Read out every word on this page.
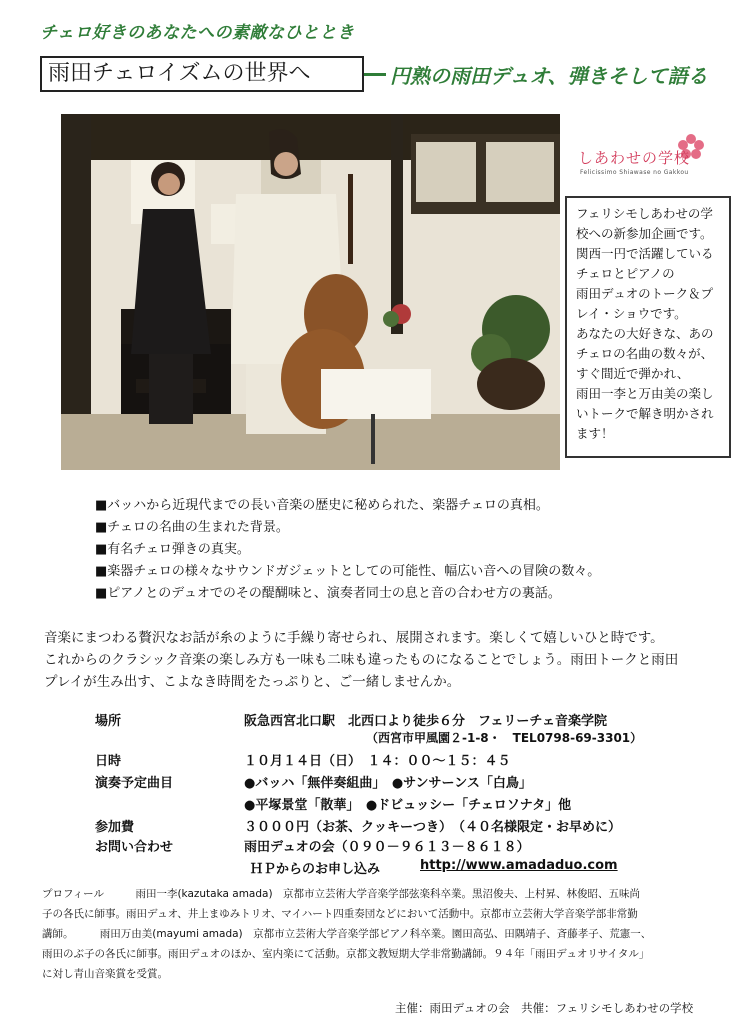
チェロ好きのあなたへの素敵なひととき
雨田チェロイズムの世界へ	円熟の雨田デュオ、弾きそして語る
しあわせの学校
Felicissimo Shiawase no Gakkou
フェリシモしあわせの学
校への新参加企画です。
関西一円で活躍している
チェロとピアノの
雨田デュオのトーク＆プ
レイ・ショウです。
あなたの大好きな、あの
チェロの名曲の数々が、
すぐ間近で弾かれ、
雨田一李と万由美の楽し
いトークで解き明かされ
ます！
■バッハから近現代までの長い音楽の歴史に秘められた、楽器チェロの真相。
■チェロの名曲の生まれた背景。
■有名チェロ弾きの真実。
■楽器チェロの様々なサウンドガジェットとしての可能性、幅広い音への冒険の数々。
■ピアノとのデュオでのその醍醐味と、演奏者同士の息と音の合わせ方の裏話。
音楽にまつわる贅沢なお話が糸のように手繰り寄せられ、展開されます。楽しくて嬉しいひと時です。
これからのクラシック音楽の楽しみ方も一味も二味も違ったものになることでしょう。雨田トークと雨田
プレイが生み出す、こよなき時間をたっぷりと、ご一緒しませんか。
場所	阪急西宮北口駅　北西口より徒歩６分　フェリーチェ音楽学院
（西宮市甲風園２-1-8・　TEL0798-69-3301）
日時	１０月１４日（日）　１４：００～１５：４５
演奏予定曲目	●バッハ「無伴奏組曲」　●サンサーンス「白鳥」
●平塚景堂「散華」　●ドビュッシー「チェロソナタ」他
参加費	３０００円（お茶、クッキーつき）　（４０名様限定・お早めに）
お問い合わせ	雨田デュオの会（０９０－９６１３－８６１８）
ＨＰからのお申し込み	http://www.amadaduo.com
プロフィール　　　雨田一李(kazutaka amada)　京都市立芸術大学音楽学部弦楽科卒業。黒沼俊夫、上村昇、林俊昭、五味尚
子の各氏に師事。雨田デュオ、井上まゆみトリオ、マイハート四重奏団などにおいて活動中。京都市立芸術大学音楽学部非常勤
講師。　　　雨田万由美(mayumi amada)　京都市立芸術大学音楽学部ピアノ科卒業。園田高弘、田隅靖子、斉藤孝子、荒憲一、
雨田のぶ子の各氏に師事。雨田デュオのほか、室内楽にて活動。京都文教短期大学非常勤講師。９４年「雨田デュオリサイタル」
に対し青山音楽賞を受賞。
主催：雨田デュオの会　共催：フェリシモしあわせの学校
